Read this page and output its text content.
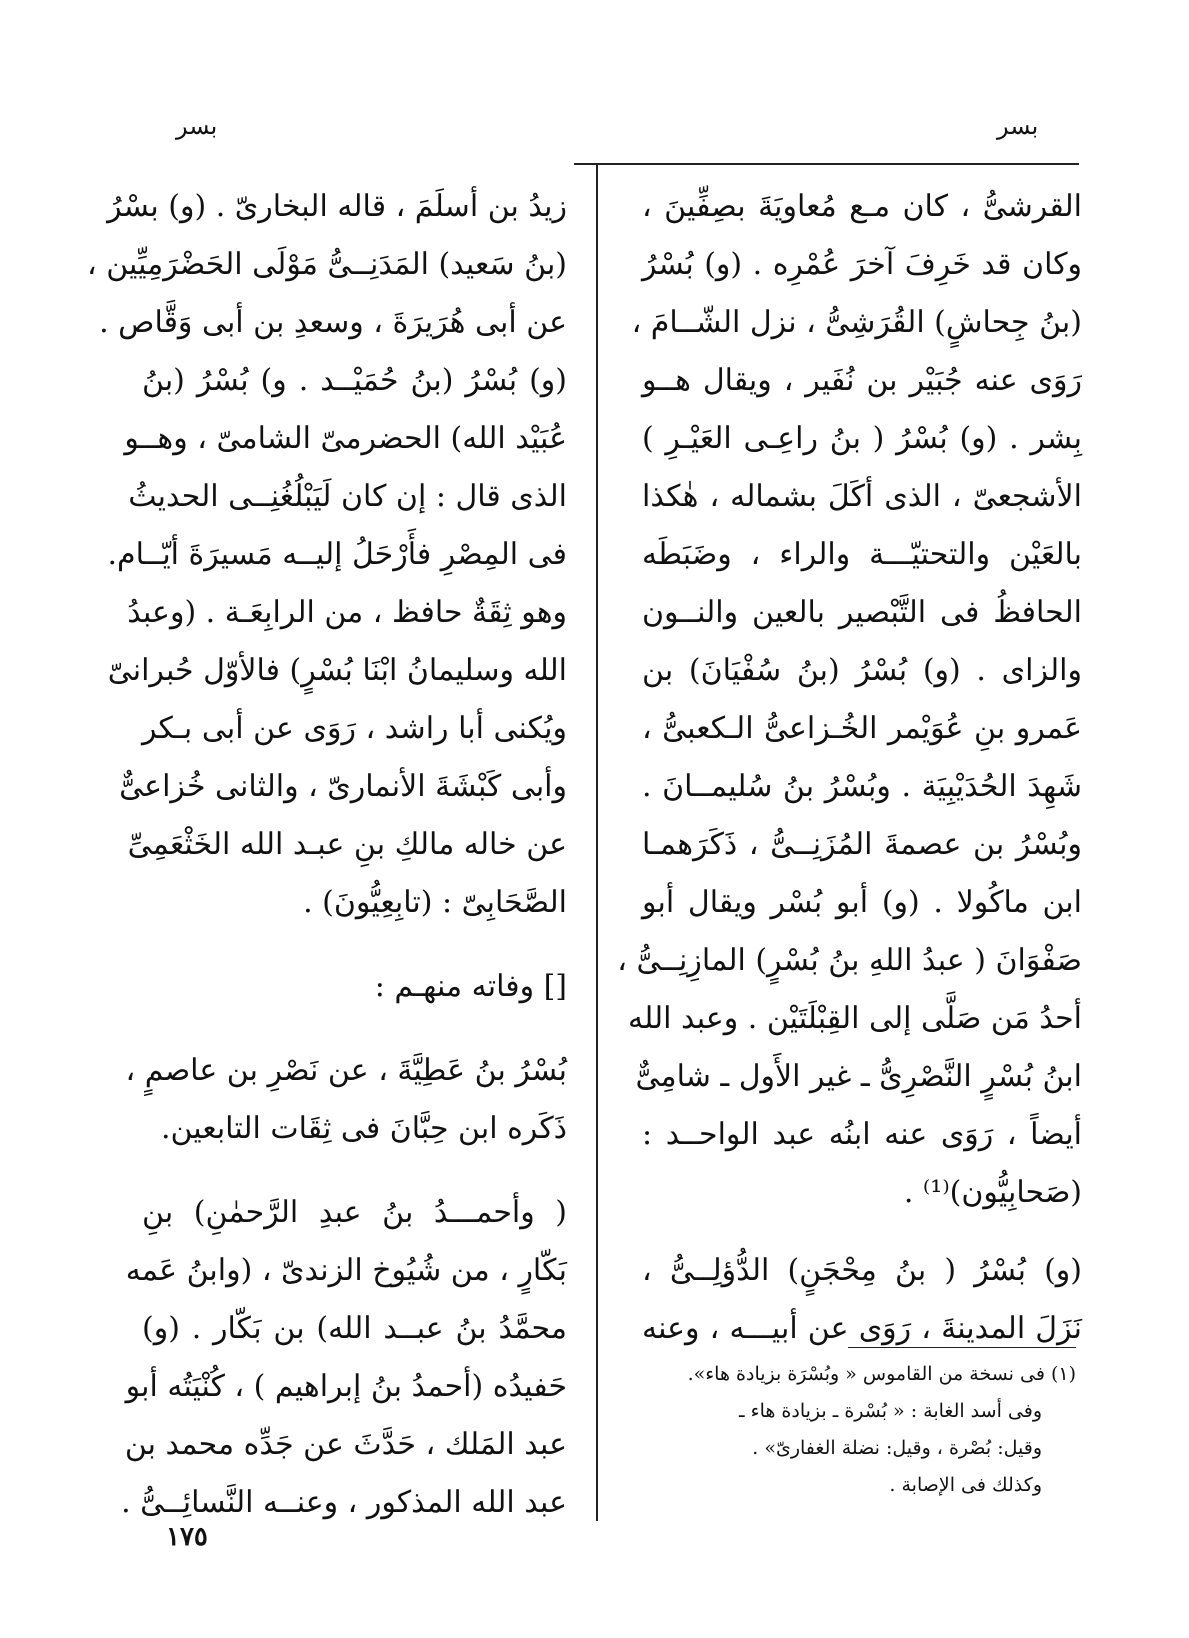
بسر	بسر
القرشىُّ ، كان مـع مُعاويَةَ بصِفِّينَ ،
وكان قد خَرِفَ آخرَ عُمْرِه . (و) بُسْرُ
(بنُ جِحاشٍ) القُرَشِىُّ ، نزل الشّــامَ ،
رَوَى عنه جُبَيْر بن نُفَير ، ويقال هــو
بِشر . (و) بُسْرُ ( بنُ راعِـى العَيْـرِ )
الأشجعىّ ، الذى أكَلَ بشماله ، هٰكذا
بالعَيْن والتحتيّـــة والراء ، وضَبَطَه
الحافظُ فى التَّبْصير بالعين والنــون
والزاى . (و) بُسْرُ (بنُ سُفْيَانَ) بن
عَمرو بنِ عُوَيْمر الخُـزاعىُّ الـكعبىُّ ،
شَهِدَ الحُدَيْبِيَة . وبُسْرُ بنُ سُليمــانَ .
وبُسْرُ بن عصمةَ المُزَنِــىُّ ، ذَكَرَهمـا
ابن ماكُولا . (و) أبو بُسْر ويقال أبو
صَفْوَانَ ( عبدُ اللهِ بنُ بُسْرٍ) المازِنِــىُّ ،
أحدُ مَن صَلَّى إلى القِبْلَتَيْن . وعبد الله
ابنُ بُسْرٍ النَّصْرِىُّ ـ غير الأَول ـ شامِىٌّ
أيضاً ، رَوَى عنه ابنُه عبد الواحــد :
(صَحابِيُّون)⁽¹⁾ .
(و) بُسْرُ ( بنُ مِحْجَنٍ) الدُّؤلِــىُّ ،
نَزَلَ المدينةَ ، رَوَى عن أبيـــه ، وعنه
(١) فى نسخة من القاموس « وبُسْرَة بزيادة هاء».
وفى أسد الغابة : « بُسْرة ـ بزيادة هاء ـ
وقيل: بُصْرة ، وقيل: نضلة الغفارىّ» .
وكذلك فى الإصابة .
زيدُ بن أسلَمَ ، قاله البخارىّ . (و) بسْرُ
(بنُ سَعيد) المَدَنِــىُّ مَوْلَى الحَضْرَمِيِّين ،
عن أبى هُرَيرَةَ ، وسعدِ بن أبى وَقَّاص .
(و) بُسْرُ (بنُ حُمَيْــد . و) بُسْرُ (بنُ
عُبَيْد الله) الحضرمىّ الشامىّ ، وهــو
الذى قال : إن كان لَيَبْلُغُنِــى الحديثُ
فى المِصْرِ فأَرْحَلُ إليــه مَسيرَةَ أيّــام.
وهو ثِقَةٌ حافظ ، من الرابِعَـة . (وعبدُ
الله وسليمانُ ابْنَا بُسْرٍ) فالأوّل حُبرانىّ
ويُكنى أبا راشد ، رَوَى عن أبى بـكر
وأبى كَبْشَةَ الأنمارىّ ، والثانى خُزاعىٌّ
عن خاله مالكِ بنِ عبـد الله الخَثْعَمِىِّ
الصَّحَابِىّ : (تابِعِيُّونَ) .
[] وفاته منهـم :
بُسْرُ بنُ عَطِيَّةَ ، عن نَصْرِ بن عاصمٍ ،
ذَكَره ابن حِبَّانَ فى ثِقَات التابعين.
( وأحمـــدُ بنُ عبدِ الرَّحمٰنِ) بنِ
بَكّارٍ ، من شُيُوخ الزندىّ ، (وابنُ عَمه
محمَّدُ بنُ عبــد الله) بن بَكّار . (و)
حَفيدُه (أحمدُ بنُ إبراهيم ) ، كُنْيَتُه أبو
عبد المَلك ، حَدَّثَ عن جَدِّه محمد بن
عبد الله المذكور ، وعنــه النَّسائِــىُّ .
١٧٥
